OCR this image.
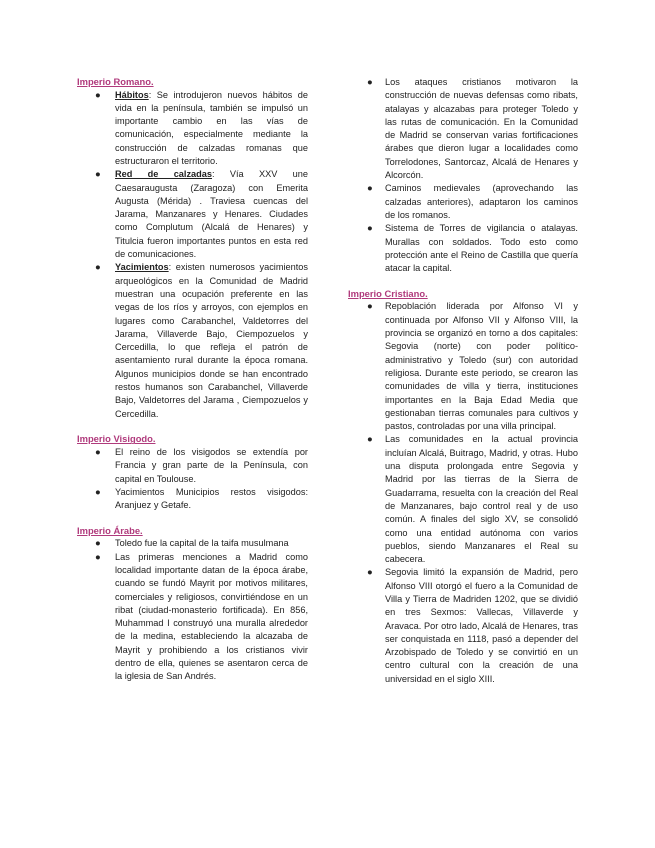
Imperio Romano.
● Hábitos: Se introdujeron nuevos hábitos de vida en la península, también se impulsó un importante cambio en las vías de comunicación, especialmente mediante la construcción de calzadas romanas que estructuraron el territorio.
● Red de calzadas: Vía XXV une Caesaraugusta (Zaragoza) con Emerita Augusta (Mérida) . Traviesa cuencas del Jarama, Manzanares y Henares. Ciudades como Complutum (Alcalá de Henares) y Titulcia fueron importantes puntos en esta red de comunicaciones.
● Yacimientos: existen numerosos yacimientos arqueológicos en la Comunidad de Madrid muestran una ocupación preferente en las vegas de los ríos y arroyos, con ejemplos en lugares como Carabanchel, Valdetorres del Jarama, Villaverde Bajo, Ciempozuelos y Cercedilla, lo que refleja el patrón de asentamiento rural durante la época romana. Algunos municipios donde se han encontrado restos humanos son Carabanchel, Villaverde Bajo, Valdetorres del Jarama , Ciempozuelos y Cercedilla.
Imperio Visigodo.
● El reino de los visigodos se extendía por Francia y gran parte de la Península, con capital en Toulouse.
● Yacimientos Municipios restos visigodos: Aranjuez y Getafe.
Imperio Árabe.
● Toledo fue la capital de la taifa musulmana
● Las primeras menciones a Madrid como localidad importante datan de la época árabe, cuando se fundó Mayrit por motivos militares, comerciales y religiosos, convirtiéndose en un ribat (ciudad-monasterio fortificada). En 856, Muhammad I construyó una muralla alrededor de la medina, estableciendo la alcazaba de Mayrit y prohibiendo a los cristianos vivir dentro de ella, quienes se asentaron cerca de la iglesia de San Andrés.
● Los ataques cristianos motivaron la construcción de nuevas defensas como ribats, atalayas y alcazabas para proteger Toledo y las rutas de comunicación. En la Comunidad de Madrid se conservan varias fortificaciones árabes que dieron lugar a localidades como Torrelodones, Santorcaz, Alcalá de Henares y Alcorcón.
● Caminos medievales (aprovechando las calzadas anteriores), adaptaron los caminos de los romanos.
● Sistema de Torres de vigilancia o atalayas. Murallas con soldados. Todo esto como protección ante el Reino de Castilla que quería atacar la capital.
Imperio Cristiano.
● Repoblación liderada por Alfonso VI y continuada por Alfonso VII y Alfonso VIII, la provincia se organizó en torno a dos capitales: Segovia (norte) con poder político-administrativo y Toledo (sur) con autoridad religiosa. Durante este periodo, se crearon las comunidades de villa y tierra, instituciones importantes en la Baja Edad Media que gestionaban tierras comunales para cultivos y pastos, controladas por una villa principal.
● Las comunidades en la actual provincia incluían Alcalá, Buitrago, Madrid, y otras. Hubo una disputa prolongada entre Segovia y Madrid por las tierras de la Sierra de Guadarrama, resuelta con la creación del Real de Manzanares, bajo control real y de uso común. A finales del siglo XV, se consolidó como una entidad autónoma con varios pueblos, siendo Manzanares el Real su cabecera.
● Segovia limitó la expansión de Madrid, pero Alfonso VIII otorgó el fuero a la Comunidad de Villa y Tierra de Madriden 1202, que se dividió en tres Sexmos: Vallecas, Villaverde y Aravaca. Por otro lado, Alcalá de Henares, tras ser conquistada en 1118, pasó a depender del Arzobispado de Toledo y se convirtió en un centro cultural con la creación de una universidad en el siglo XIII.
